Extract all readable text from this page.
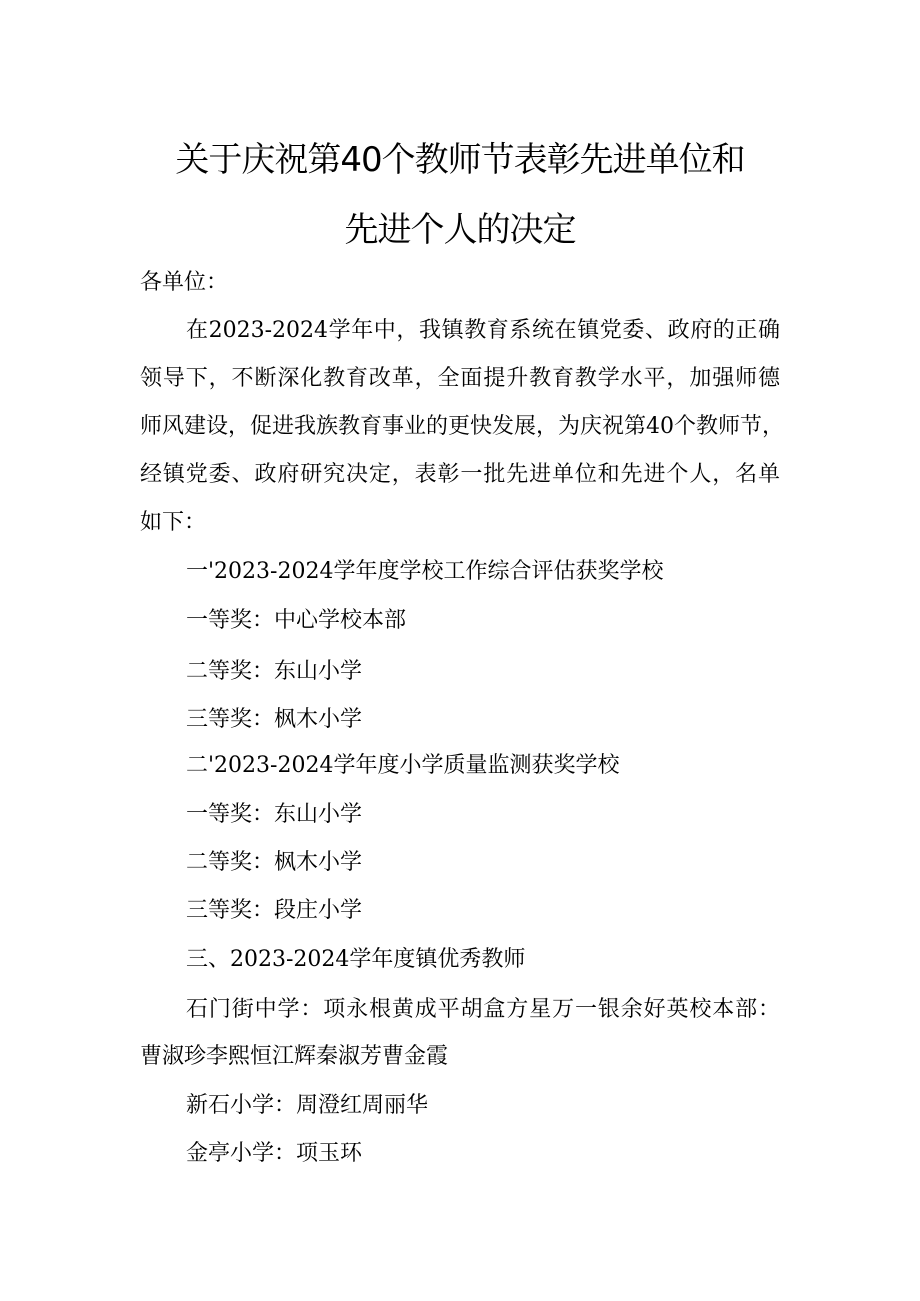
关于庆祝第40个教师节表彰先进单位和
先进个人的决定
各单位：
在2023-2024学年中，我镇教育系统在镇党委、政府的正确
领导下，不断深化教育改革，全面提升教育教学水平，加强师德
师风建设，促进我族教育事业的更快发展，为庆祝第40个教师节，
经镇党委、政府研究决定，表彰一批先进单位和先进个人，名单
如下：
一'2023-2024学年度学校工作综合评估获奖学校
一等奖：中心学校本部
二等奖：东山小学
三等奖：枫木小学
二'2023-2024学年度小学质量监测获奖学校
一等奖：东山小学
二等奖：枫木小学
三等奖：段庄小学
三、2023-2024学年度镇优秀教师
石门街中学：项永根黄成平胡盒方星万一银余好英校本部：
曹淑珍李熙恒江辉秦淑芳曹金霞
新石小学：周澄红周丽华
金亭小学：项玉环
